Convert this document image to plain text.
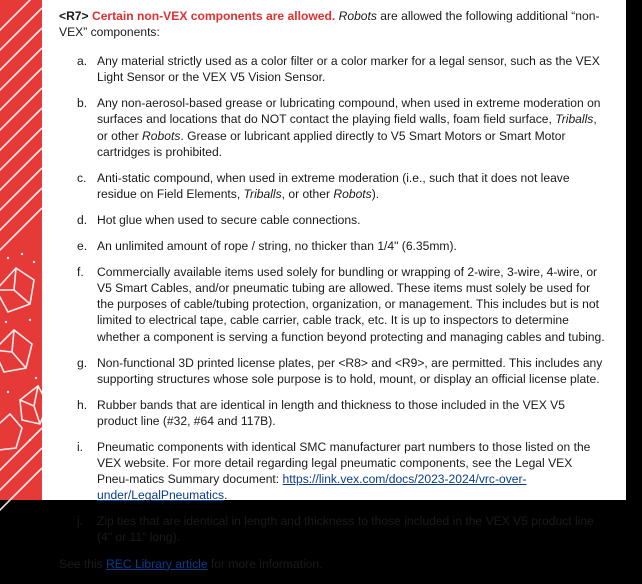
<R7> Certain non-VEX components are allowed. Robots are allowed the following additional “non-VEX” components:

a. Any material strictly used as a color filter or a color marker for a legal sensor, such as the VEX Light Sensor or the VEX V5 Vision Sensor.
b. Any non-aerosol-based grease or lubricating compound, when used in extreme moderation on surfaces and locations that do NOT contact the playing field walls, foam field surface, Triballs, or other Robots. Grease or lubricant applied directly to V5 Smart Motors or Smart Motor cartridges is prohibited.
c. Anti-static compound, when used in extreme moderation (i.e., such that it does not leave residue on Field Elements, Triballs, or other Robots).
d. Hot glue when used to secure cable connections.
e. An unlimited amount of rope / string, no thicker than 1/4" (6.35mm).
f. Commercially available items used solely for bundling or wrapping of 2-wire, 3-wire, 4-wire, or V5 Smart Cables, and/or pneumatic tubing are allowed. These items must solely be used for the purposes of cable/tubing protection, organization, or management. This includes but is not limited to electrical tape, cable carrier, cable track, etc. It is up to inspectors to determine whether a component is serving a function beyond protecting and managing cables and tubing.
g. Non-functional 3D printed license plates, per <R8> and <R9>, are permitted. This includes any supporting structures whose sole purpose is to hold, mount, or display an official license plate.
h. Rubber bands that are identical in length and thickness to those included in the VEX V5 product line (#32, #64 and 117B).
i. Pneumatic components with identical SMC manufacturer part numbers to those listed on the VEX website. For more detail regarding legal pneumatic components, see the Legal VEX Pneu-matics Summary document: https://link.vex.com/docs/2023-2024/vrc-over-under/LegalPneumatics.
j. Zip ties that are identical in length and thickness to those included in the VEX V5 product line (4" or 11" long).

See this REC Library article for more information.
